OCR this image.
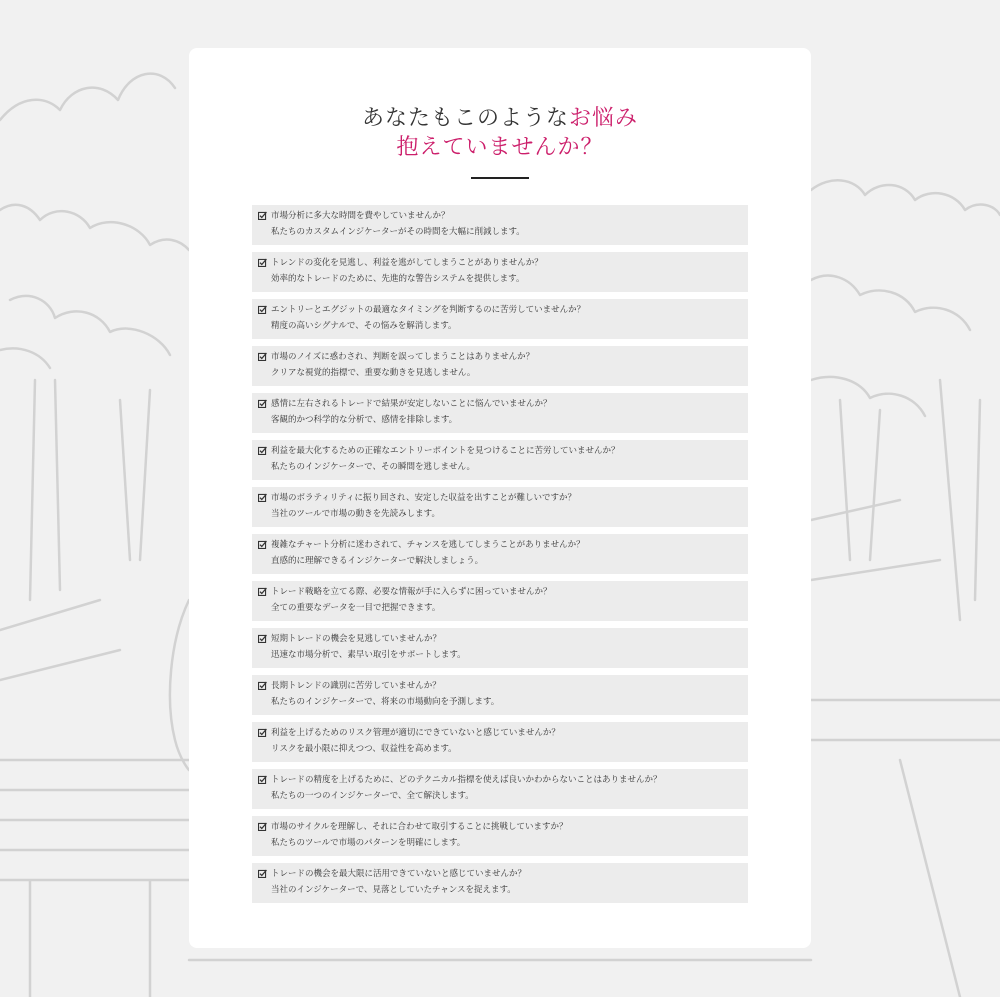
あなたもこのようなお悩み
抱えていませんか？
市場分析に多大な時間を費やしていませんか？
私たちのカスタムインジケーターがその時間を大幅に削減します。
トレンドの変化を見逃し、利益を逃がしてしまうことがありませんか？
効率的なトレードのために、先進的な警告システムを提供します。
エントリーとエグジットの最適なタイミングを判断するのに苦労していませんか？
精度の高いシグナルで、その悩みを解消します。
市場のノイズに惑わされ、判断を誤ってしまうことはありませんか？
クリアな視覚的指標で、重要な動きを見逃しません。
感情に左右されるトレードで結果が安定しないことに悩んでいませんか？
客観的かつ科学的な分析で、感情を排除します。
利益を最大化するための正確なエントリーポイントを見つけることに苦労していませんか？
私たちのインジケーターで、その瞬間を逃しません。
市場のボラティリティに振り回され、安定した収益を出すことが難しいですか？
当社のツールで市場の動きを先読みします。
複雑なチャート分析に迷わされて、チャンスを逃してしまうことがありませんか？
直感的に理解できるインジケーターで解決しましょう。
トレード戦略を立てる際、必要な情報が手に入らずに困っていませんか？
全ての重要なデータを一目で把握できます。
短期トレードの機会を見逃していませんか？
迅速な市場分析で、素早い取引をサポートします。
長期トレンドの識別に苦労していませんか？
私たちのインジケーターで、将来の市場動向を予測します。
利益を上げるためのリスク管理が適切にできていないと感じていませんか？
リスクを最小限に抑えつつ、収益性を高めます。
トレードの精度を上げるために、どのテクニカル指標を使えば良いかわからないことはありませんか？
私たちの一つのインジケーターで、全て解決します。
市場のサイクルを理解し、それに合わせて取引することに挑戦していますか？
私たちのツールで市場のパターンを明確にします。
トレードの機会を最大限に活用できていないと感じていませんか？
当社のインジケーターで、見落としていたチャンスを捉えます。
